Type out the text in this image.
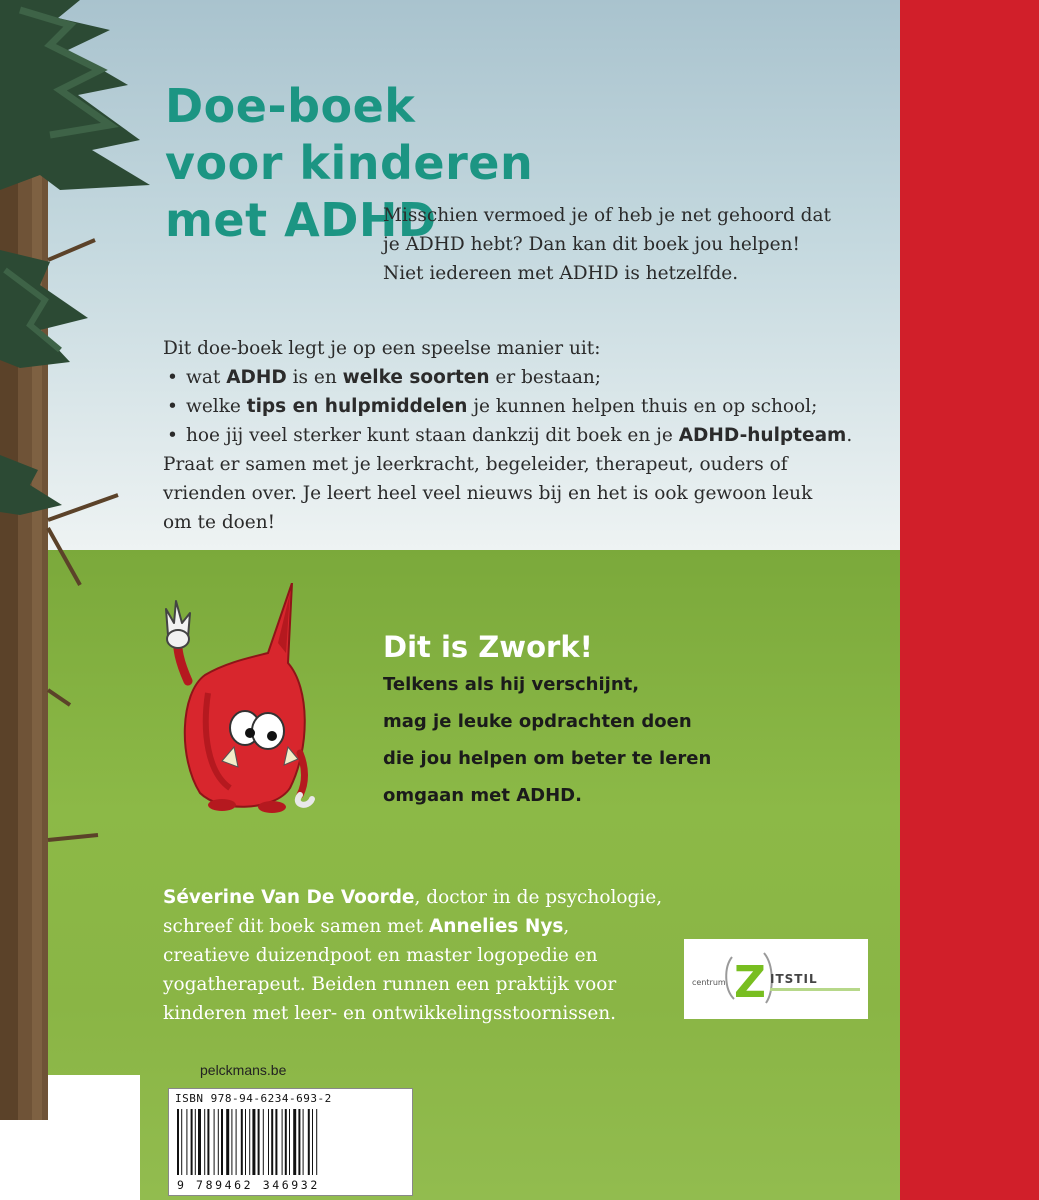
Doe-boek
voor kinderen
met ADHD

Misschien vermoed je of heb je net gehoord dat

je ADHD hebt? Dan kan dit boek jou helpen!

Niet iedereen met ADHD is hetzelfde.

Dit doe-boek legt je op een speelse manier uit:

• wat ADHD is en welke soorten er bestaan;
• welke tips en hulpmiddelen je kunnen helpen thuis en op school;
• hoe jij veel sterker kunt staan dankzij dit boek en je ADHD-hulpteam.

Praat er samen met je leerkracht, begeleider, therapeut, ouders of

vrienden over. Je leert heel veel nieuws bij en het is ook gewoon leuk

om te doen!

Dit is Zwork!

Telkens als hij verschijnt,

mag je leuke opdrachten doen

die jou helpen om beter te leren

omgaan met ADHD.

Séverine Van De Voorde, doctor in de psychologie,

schreef dit boek samen met Annelies Nys,

creatieve duizendpoot en master logopedie en

yogatherapeut. Beiden runnen een praktijk voor

kinderen met leer- en ontwikkelingsstoornissen.

centrum Z ITSTIL

pelckmans.be

ISBN 978-94-6234-693-2

9 789462 346932
